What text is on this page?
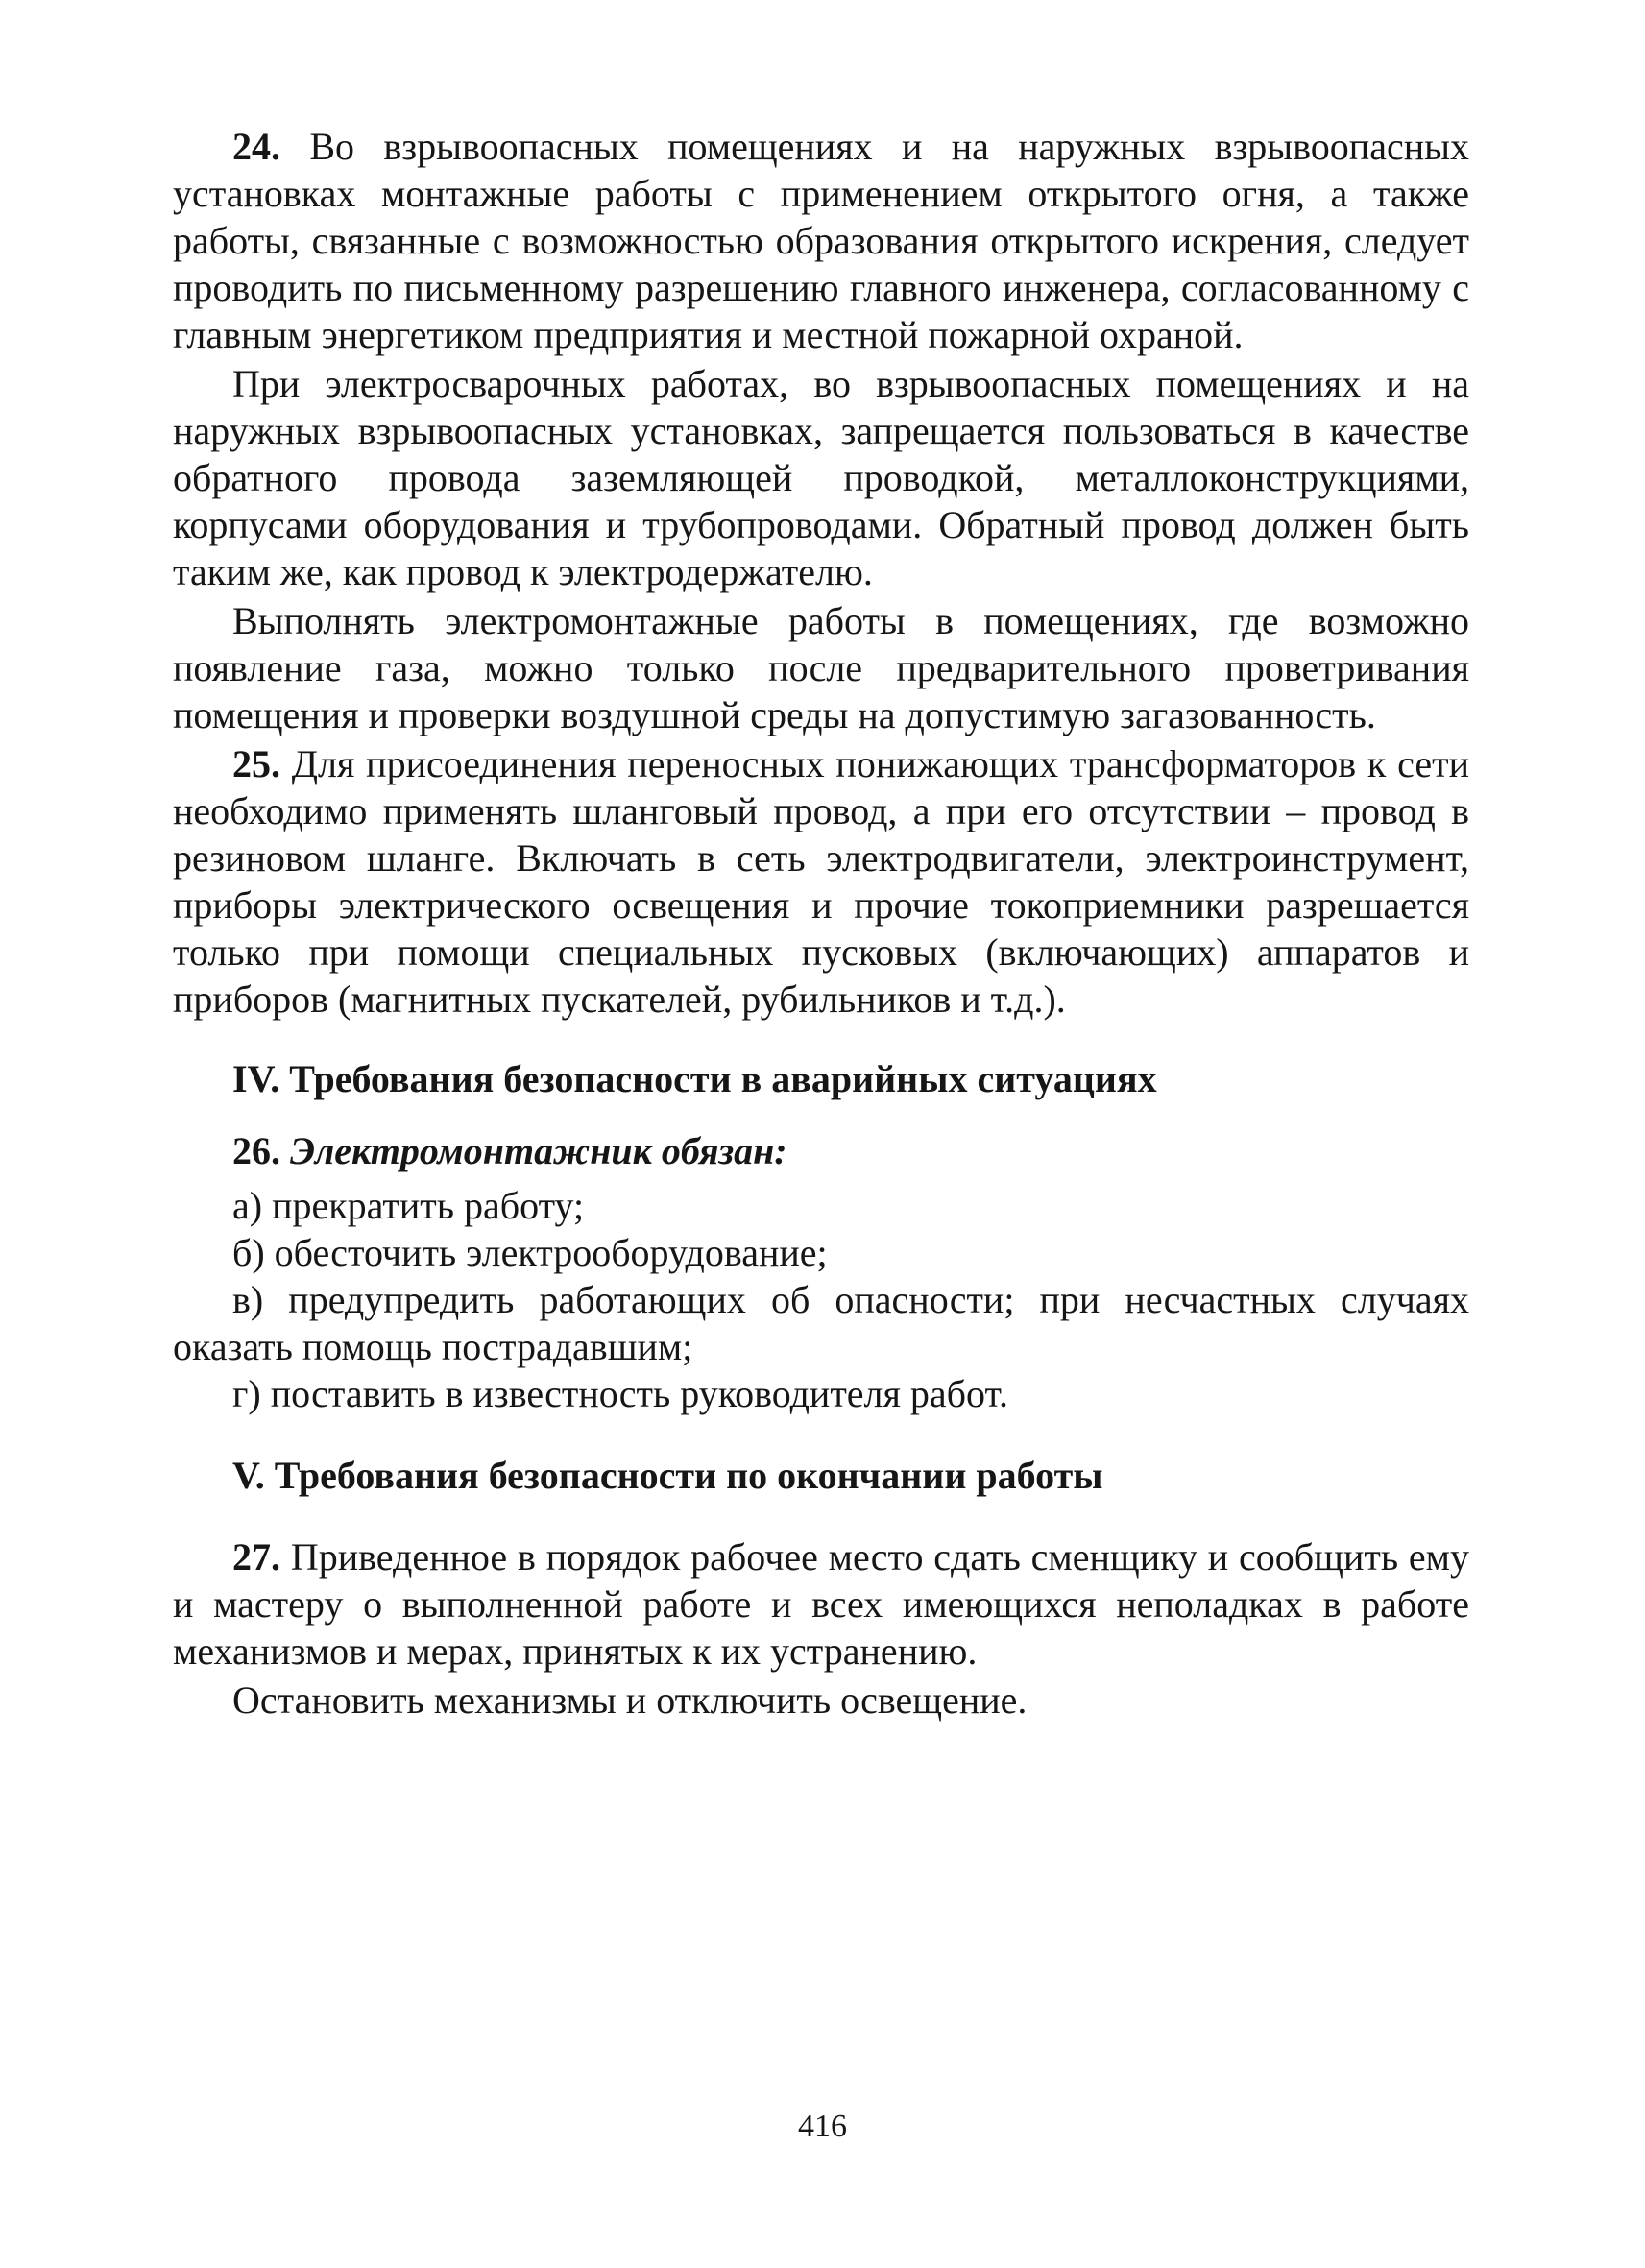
24. Во взрывоопасных помещениях и на наружных взрывоопасных установках монтажные работы с применением открытого огня, а также работы, связанные с возможностью образования открытого искрения, следует проводить по письменному разрешению главного инженера, согласованному с главным энергетиком предприятия и местной пожарной охраной.

При электросварочных работах, во взрывоопасных помещениях и на наружных взрывоопасных установках, запрещается пользоваться в качестве обратного провода заземляющей проводкой, металлоконструкциями, корпусами оборудования и трубопроводами. Обратный провод должен быть таким же, как провод к электродержателю.

Выполнять электромонтажные работы в помещениях, где возможно появление газа, можно только после предварительного проветривания помещения и проверки воздушной среды на допустимую загазованность.

25. Для присоединения переносных понижающих трансформаторов к сети необходимо применять шланговый провод, а при его отсутствии – провод в резиновом шланге. Включать в сеть электродвигатели, электроинструмент, приборы электрического освещения и прочие токоприемники разрешается только при помощи специальных пусковых (включающих) аппаратов и приборов (магнитных пускателей, рубильников и т.д.).

IV. Требования безопасности в аварийных ситуациях

26. Электромонтажник обязан:

а) прекратить работу;

б) обесточить электрооборудование;

в) предупредить работающих об опасности; при несчастных случаях оказать помощь пострадавшим;

г) поставить в известность руководителя работ.

V. Требования безопасности по окончании работы

27. Приведенное в порядок рабочее место сдать сменщику и сообщить ему и мастеру о выполненной работе и всех имеющихся неполадках в работе механизмов и мерах, принятых к их устранению.

Остановить механизмы и отключить освещение.

416
